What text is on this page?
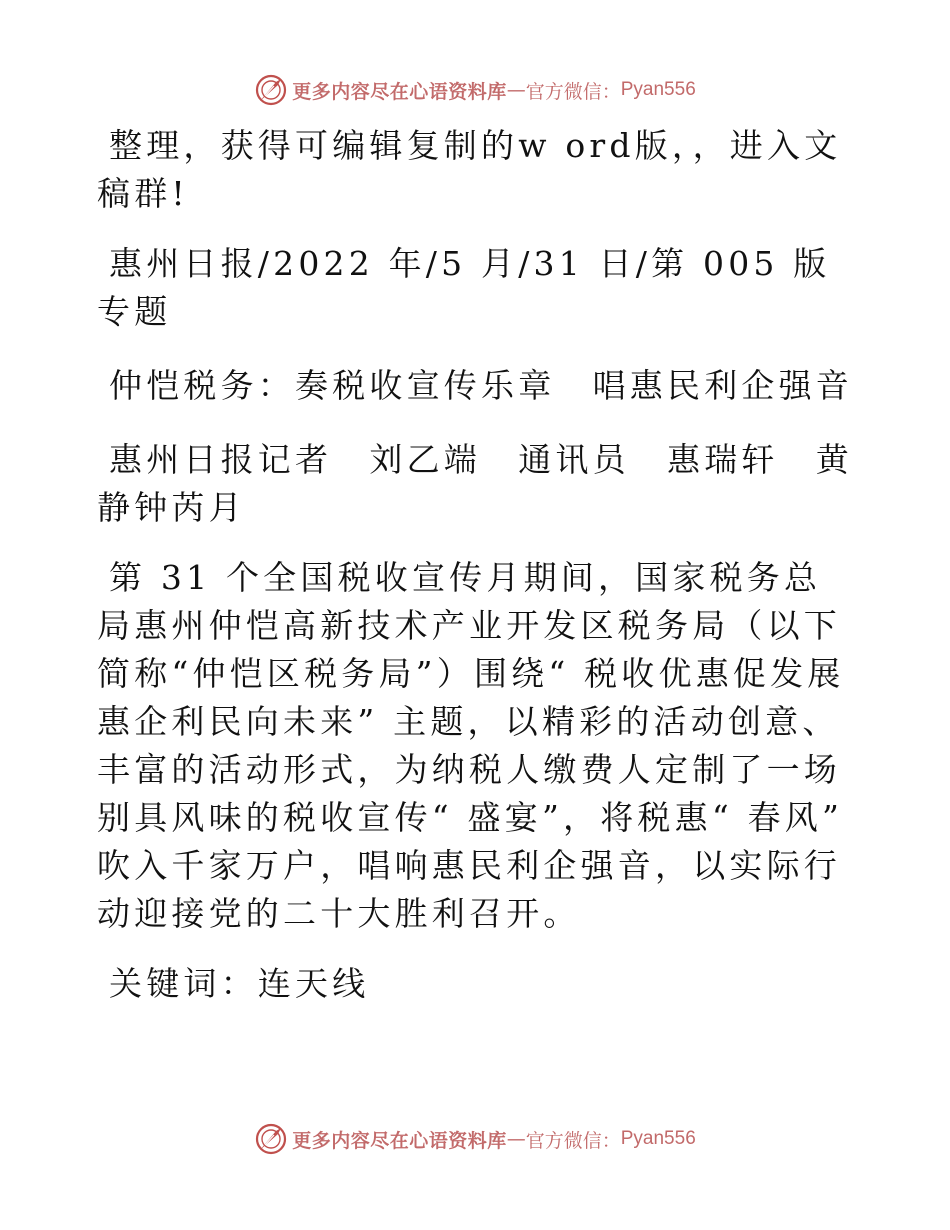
更多内容尽在心语资料库 — 官方微信： Pyan556

整理，获得可编辑复制的w ord版，，进入文稿群!

惠州日报/2022 年/5 月/31 日/第 005 版专题

仲恺税务：奏税收宣传乐章　唱惠民利企强音

惠州日报记者　刘乙端　通讯员　惠瑞轩　黄静钟芮月

第 31 个全国税收宣传月期间，国家税务总局惠州仲恺高新技术产业开发区税务局（以下简称“仲恺区税务局”）围绕“ 税收优惠促发展 惠企利民向未来” 主题，以精彩的活动创意、丰富的活动形式，为纳税人缴费人定制了一场别具风味的税收宣传“ 盛宴”，将税惠“ 春风” 吹入千家万户，唱响惠民利企强音，以实际行动迎接党的二十大胜利召开。

关键词：连天线

更多内容尽在心语资料库 — 官方微信： Pyan556
